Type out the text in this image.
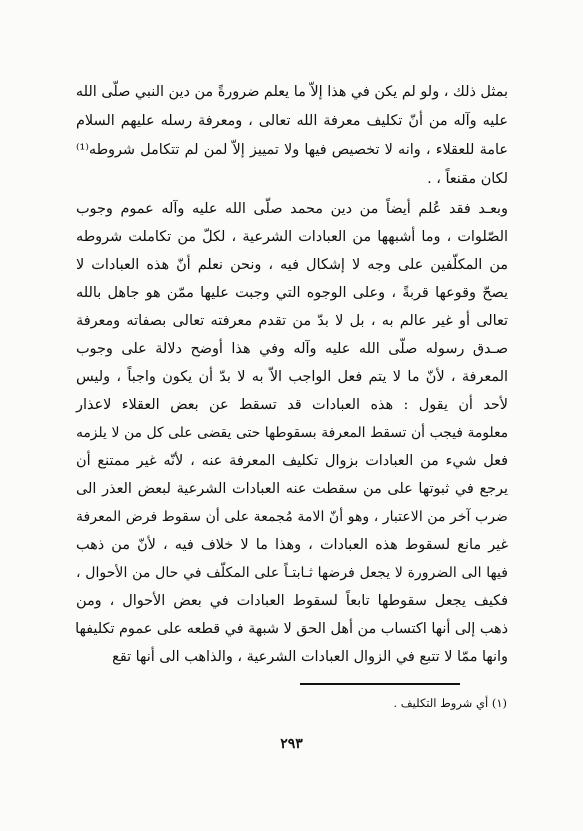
بمثل ذلك ، ولو لم يكن في هذا إلاّ ما يعلم ضرورةً من دين النبي صلّى الله
عليه وآله من أنّ تكليف معرفة الله تعالى ، ومعرفة رسله عليهم السلام
عامة للعقلاء ، وانه لا تخصيص فيها ولا تمييز إلاّ لمن لم تتكامل شروطه⁽¹⁾
لكان مقنعاً ، .
وبعـد فقد عُلم أيضاً من دين محمد صلّى الله عليه وآله عموم وجوب
الصّلوات ، وما أشبهها من العبادات الشرعية ، لكلّ من تكاملت شروطه
من المكلّفين على وجه لا إشكال فيه ، ونحن نعلم أنّ هذه العبادات لا
يصحّ وقوعها قربةً ، وعلى الوجوه التي وجبت عليها ممّن هو جاهل بالله
تعالى أو غير عالم به ، بل لا بدّ من تقدم معرفته تعالى بصفاته ومعرفة
صـدق رسوله صلّى الله عليه وآله وفي هذا أوضح دلالة على وجوب
المعرفة ، لأنّ ما لا يتم فعل الواجب الاّ به لا بدّ أن يكون واجباً ، وليس
لأحد أن يقول : هذه العبادات قد تسقط عن بعض العقلاء لاعذار
معلومة فيجب أن تسقط المعرفة بسقوطها حتى يقضى على كل من لا يلزمه
فعل شيء من العبادات بزوال تكليف المعرفة عنه ، لأنّه غير ممتنع أن
يرجع في ثبوتها على من سقطت عنه العبادات الشرعية لبعض العذر الى
ضرب آخر من الاعتبار ، وهو أنّ الامة مُجمعة على أن سقوط فرض المعرفة
غير مانع لسقوط هذه العبادات ، وهذا ما لا خلاف فيه ، لأنّ من ذهب
فيها الى الضرورة لا يجعل فرضها ثـابتـاً على المكلّف في حال من الأحوال ،
فكيف يجعل سقوطها تابعاً لسقوط العبادات في بعض الأحوال ، ومن
ذهب إلى أنها اكتساب من أهل الحق لا شبهة في قطعه على عموم تكليفها
وانها ممّا لا تتبع في الزوال العبادات الشرعية ، والذاهب الى أنها تقع
(١) أي شروط التكليف .
٢٩٣
